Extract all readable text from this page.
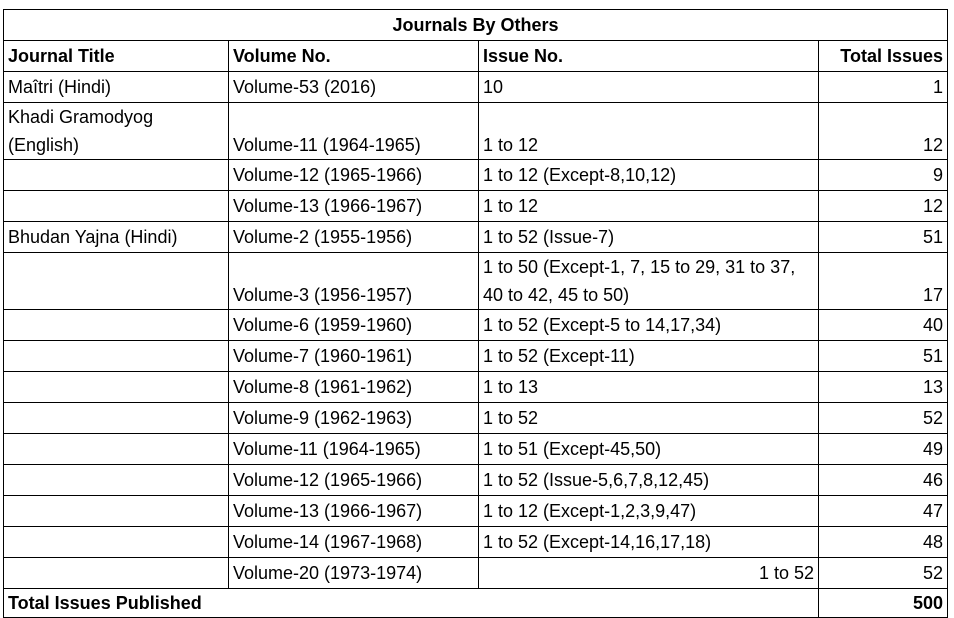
Journals By Others			
Journal Title	Volume No.	Issue No.	Total Issues
Maîtri (Hindi)	Volume-53 (2016)	10	1
Khadi Gramodyog (English)	Volume-11 (1964-1965)	1 to 12	12
	Volume-12 (1965-1966)	1 to 12 (Except-8,10,12)	9
	Volume-13 (1966-1967)	1 to 12	12
Bhudan Yajna (Hindi)	Volume-2 (1955-1956)	1 to 52 (Issue-7)	51
	Volume-3 (1956-1957)	1 to 50 (Except-1, 7, 15 to 29, 31 to 37, 40 to 42, 45 to 50)	17
	Volume-6 (1959-1960)	1 to 52 (Except-5 to 14,17,34)	40
	Volume-7 (1960-1961)	1 to 52 (Except-11)	51
	Volume-8 (1961-1962)	1 to 13	13
	Volume-9 (1962-1963)	1 to 52	52
	Volume-11 (1964-1965)	1 to 51 (Except-45,50)	49
	Volume-12 (1965-1966)	1 to 52 (Issue-5,6,7,8,12,45)	46
	Volume-13 (1966-1967)	1 to 12 (Except-1,2,3,9,47)	47
	Volume-14 (1967-1968)	1 to 52 (Except-14,16,17,18)	48
	Volume-20 (1973-1974)	1 to 52	52
Total Issues Published			500
